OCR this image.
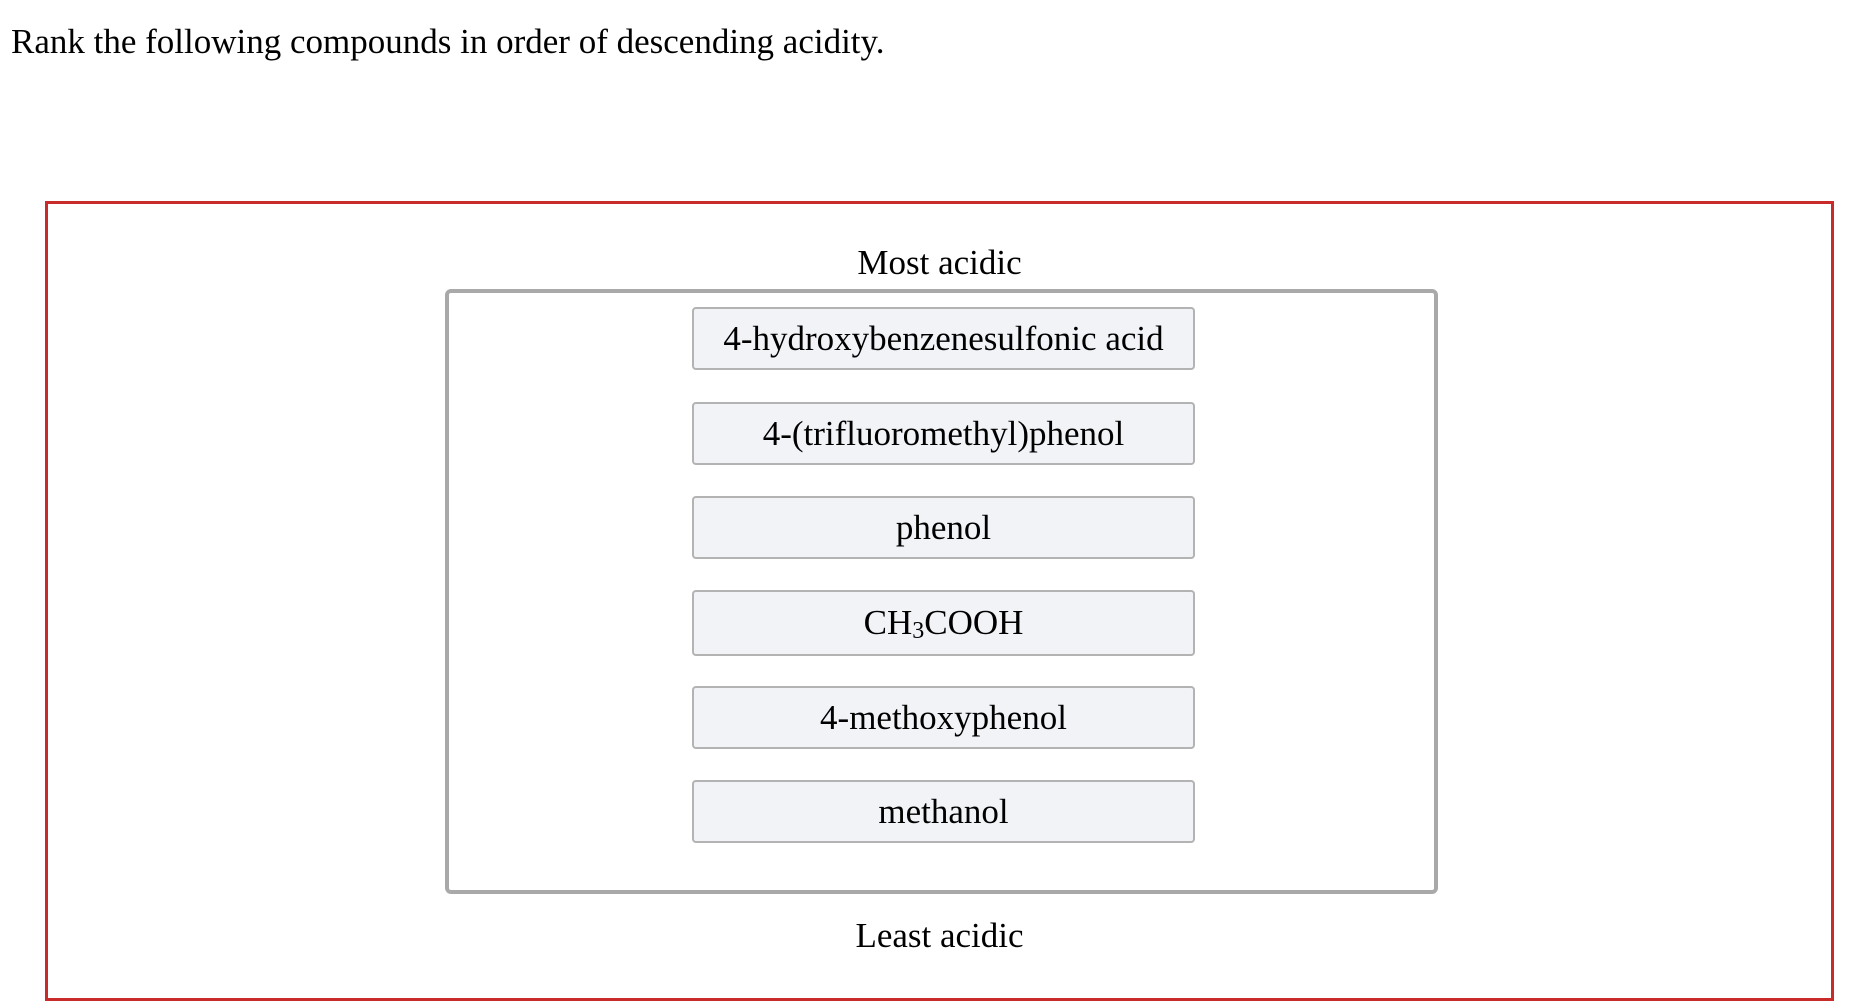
Rank the following compounds in order of descending acidity.
Most acidic
4-hydroxybenzenesulfonic acid
4-(trifluoromethyl)phenol
phenol
$CH_3$ COOH
4-methoxyphenol
methanol
Least acidic
